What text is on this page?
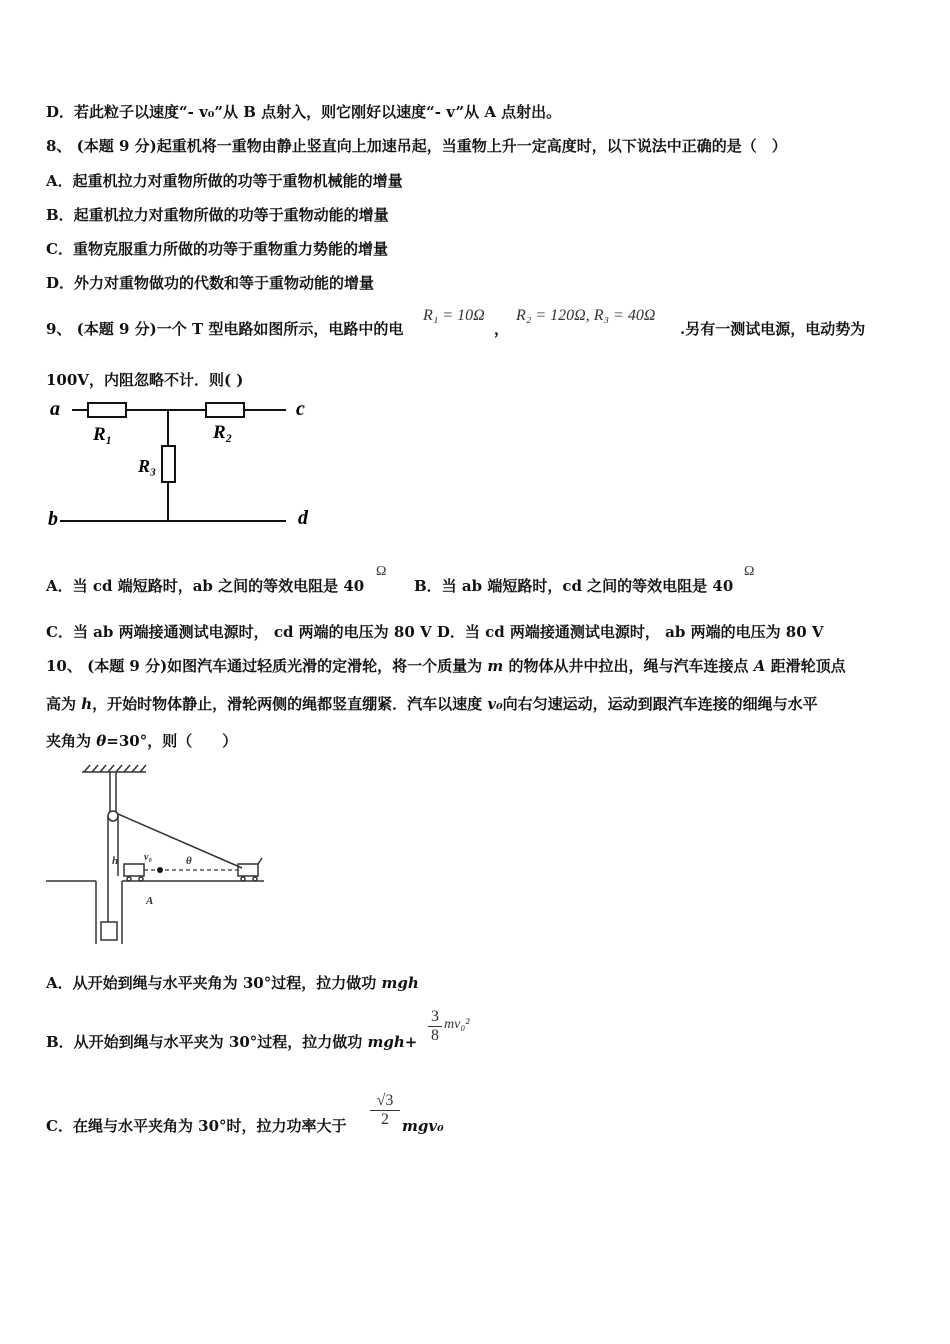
D．若此粒子以速度“- v₀”从 B 点射入，则它刚好以速度“- v”从 A 点射出。
8、 (本题 9 分)起重机将一重物由静止竖直向上加速吊起，当重物上升一定高度时，以下说法中正确的是（　）
A．起重机拉力对重物所做的功等于重物机械能的增量
B．起重机拉力对重物所做的功等于重物动能的增量
C．重物克服重力所做的功等于重物重力势能的增量
D．外力对重物做功的代数和等于重物动能的增量
9、 (本题 9 分)一个 T 型电路如图所示，电路中的电
R₁ = 10Ω
，
R₂ = 120Ω, R₃ = 40Ω
.另有一测试电源，电动势为
100V，内阻忽略不计．则( )
a	c
b	d
R₁	R₂
R₃
A．当 cd 端短路时，ab 之间的等效电阻是 40
Ω
B．当 ab 端短路时，cd 之间的等效电阻是 40
Ω
C．当 ab 两端接通测试电源时， cd 两端的电压为 80 V D．当 cd 两端接通测试电源时， ab 两端的电压为 80 V
10、 (本题 9 分)如图汽车通过轻质光滑的定滑轮，将一个质量为 m 的物体从井中拉出，绳与汽车连接点 A 距滑轮顶点
高为 h，开始时物体静止，滑轮两侧的绳都竖直绷紧．汽车以速度 v₀向右匀速运动，运动到跟汽车连接的细绳与水平
夹角为 θ=30°，则（　　）
h	v₀	θ
A
A．从开始到绳与水平夹角为 30°过程，拉力做功 mgh
B．从开始到绳与水平夹为 30°过程，拉力做功 mgh+
3
8
mv₀²
C．在绳与水平夹角为 30°时，拉力功率大于
√3
2 mgv₀
